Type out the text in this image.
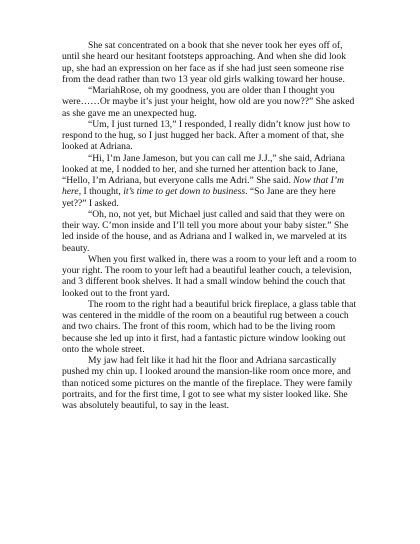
She sat concentrated on a book that she never took her eyes off of, until she heard our hesitant footsteps approaching. And when she did look up, she had an expression on her face as if she had just seen someone rise from the dead rather than two 13 year old girls walking toward her house.

“MariahRose, oh my goodness, you are older than I thought you were……Or maybe it’s just your height, how old are you now??” She asked as she gave me an unexpected hug.

“Um, I just turned 13,” I responded, I really didn’t know just how to respond to the hug, so I just hugged her back. After a moment of that, she looked at Adriana.

“Hi, I’m Jane Jameson, but you can call me J.J.,” she said, Adriana looked at me, I nodded to her, and she turned her attention back to Jane, “Hello, I’m Adriana, but everyone calls me Adri.” She said. Now that I’m here, I thought, it’s time to get down to business. “So Jane are they here yet??” I asked.

“Oh, no, not yet, but Michael just called and said that they were on their way. C’mon inside and I’ll tell you more about your baby sister.” She led inside of the house, and as Adriana and I walked in, we marveled at its beauty.

When you first walked in, there was a room to your left and a room to your right. The room to your left had a beautiful leather couch, a television, and 3 different book shelves. It had a small window behind the couch that looked out to the front yard.

The room to the right had a beautiful brick fireplace, a glass table that was centered in the middle of the room on a beautiful rug between a couch and two chairs. The front of this room, which had to be the living room because she led up into it first, had a fantastic picture window looking out onto the whole street.

My jaw had felt like it had hit the floor and Adriana sarcastically pushed my chin up. I looked around the mansion-like room once more, and than noticed some pictures on the mantle of the fireplace. They were family portraits, and for the first time, I got to see what my sister looked like. She was absolutely beautiful, to say in the least.
